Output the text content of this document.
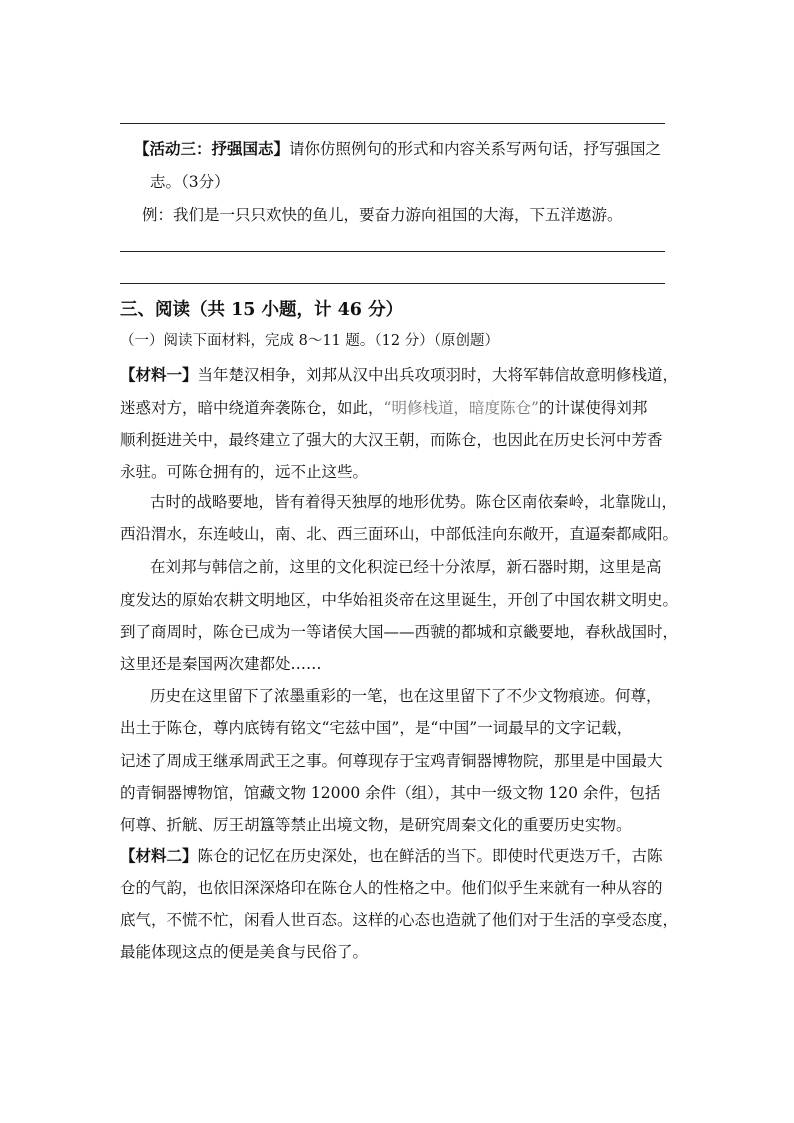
【活动三：抒强国志】请你仿照例句的形式和内容关系写两句话，抒写强国之
志。（3分）
例：我们是一只只欢快的鱼儿，要奋力游向祖国的大海，下五洋遨游。
三、阅读（共 15 小题，计 46 分）
（一）阅读下面材料，完成 8～11 题。（12 分）（原创题）
【材料一】当年楚汉相争，刘邦从汉中出兵攻项羽时，大将军韩信故意明修栈道，
迷惑对方，暗中绕道奔袭陈仓，如此，“明修栈道，暗度陈仓”的计谋使得刘邦
顺利挺进关中，最终建立了强大的大汉王朝，而陈仓，也因此在历史长河中芳香
永驻。可陈仓拥有的，远不止这些。
古时的战略要地，皆有着得天独厚的地形优势。陈仓区南依秦岭，北靠陇山，
西沿渭水，东连岐山，南、北、西三面环山，中部低洼向东敞开，直逼秦都咸阳。
在刘邦与韩信之前，这里的文化积淀已经十分浓厚，新石器时期，这里是高
度发达的原始农耕文明地区，中华始祖炎帝在这里诞生，开创了中国农耕文明史。
到了商周时，陈仓已成为一等诸侯大国——西虢的都城和京畿要地，春秋战国时，
这里还是秦国两次建都处……
历史在这里留下了浓墨重彩的一笔，也在这里留下了不少文物痕迹。何尊，
出土于陈仓，尊内底铸有铭文“宅兹中国”，是“中国”一词最早的文字记载，
记述了周成王继承周武王之事。何尊现存于宝鸡青铜器博物院，那里是中国最大
的青铜器博物馆，馆藏文物 12000 余件（组），其中一级文物 120 余件，包括
何尊、折觥、厉王胡簋等禁止出境文物，是研究周秦文化的重要历史实物。
【材料二】陈仓的记忆在历史深处，也在鲜活的当下。即使时代更迭万千，古陈
仓的气韵，也依旧深深烙印在陈仓人的性格之中。他们似乎生来就有一种从容的
底气，不慌不忙，闲看人世百态。这样的心态也造就了他们对于生活的享受态度，
最能体现这点的便是美食与民俗了。
